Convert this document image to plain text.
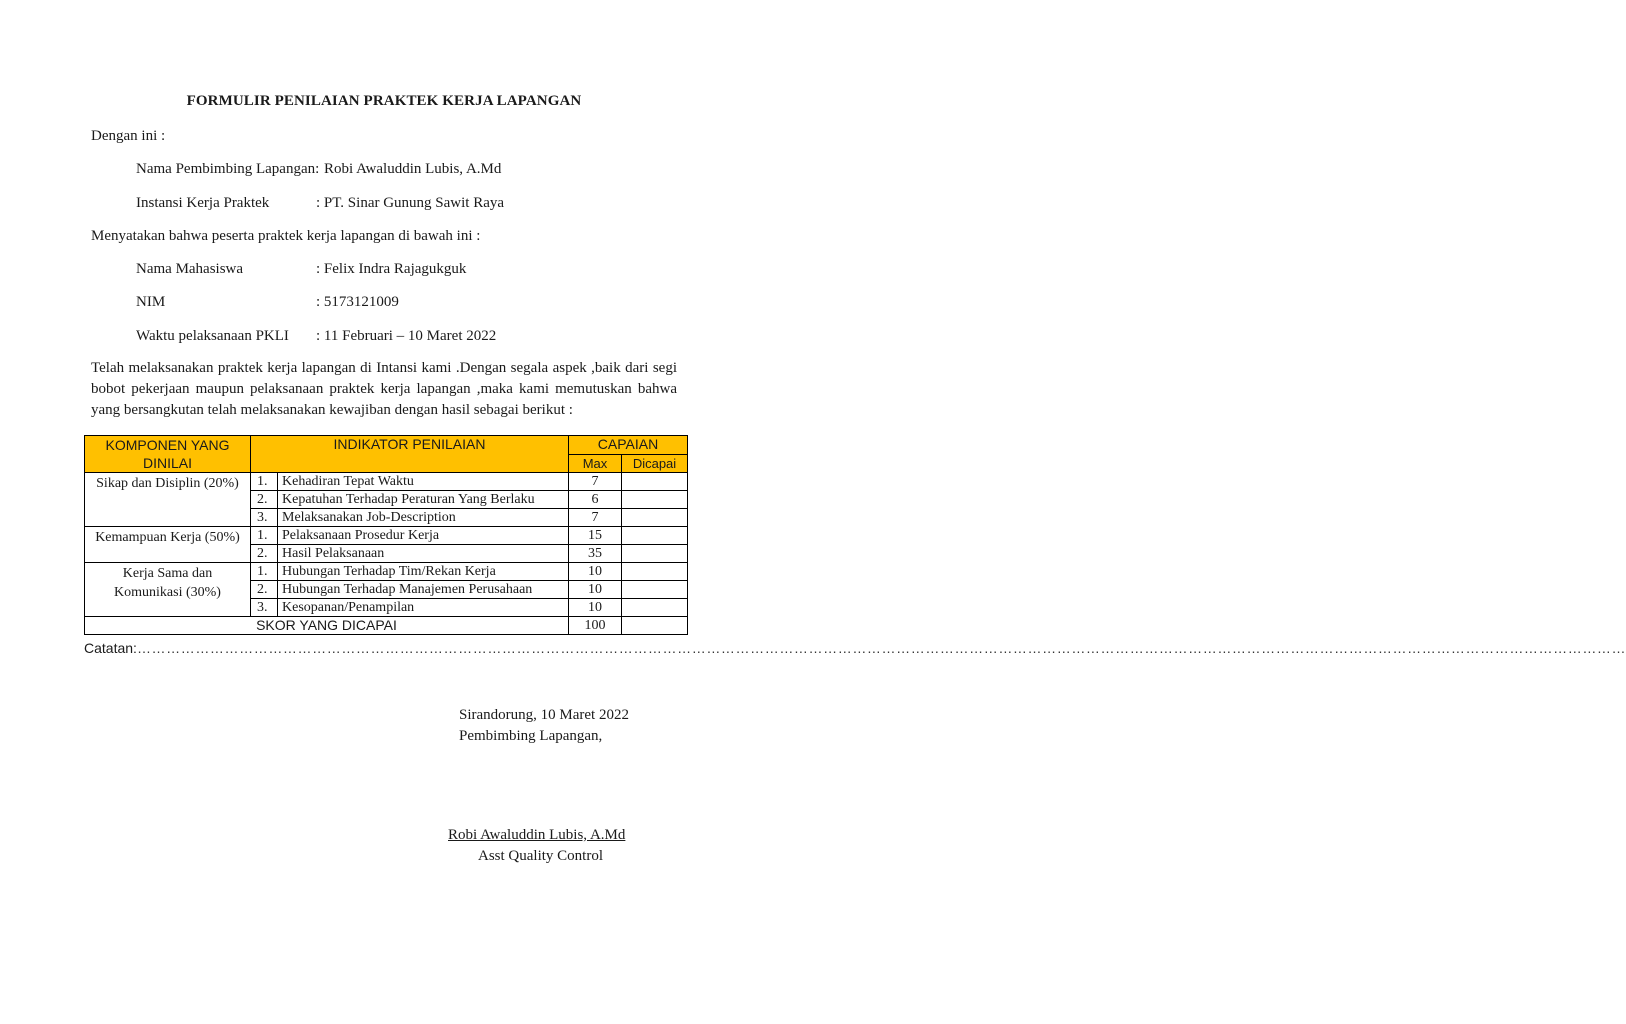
FORMULIR PENILAIAN PRAKTEK KERJA LAPANGAN
Dengan ini :
Nama Pembimbing Lapangan: Robi Awaluddin Lubis, A.Md
Instansi Kerja Praktek	: PT. Sinar Gunung Sawit Raya
Menyatakan bahwa peserta praktek kerja lapangan di bawah ini :
Nama Mahasiswa	: Felix Indra Rajagukguk
NIM	: 5173121009
Waktu pelaksanaan PKLI : 11 Februari – 10 Maret 2022

Telah melaksanakan praktek kerja lapangan di Intansi kami .Dengan segala aspek ,baik dari segi bobot pekerjaan maupun pelaksanaan praktek kerja lapangan ,maka kami memutuskan bahwa yang bersangkutan telah melaksanakan kewajiban dengan hasil sebagai berikut :

KOMPONEN YANG DINILAI	INDIKATOR PENILAIAN		CAPAIAN	
			Max	Dicapai
Sikap dan Disiplin (20%)	1.	Kehadiran Tepat Waktu	7	
	2.	Kepatuhan Terhadap Peraturan Yang Berlaku	6	
	3.	Melaksanakan Job-Description	7	
Kemampuan Kerja (50%)	1.	Pelaksanaan Prosedur Kerja	15	
	2.	Hasil Pelaksanaan	35	
Kerja Sama dan Komunikasi (30%)	1.	Hubungan Terhadap Tim/Rekan Kerja	10	
	2.	Hubungan Terhadap Manajemen Perusahaan	10	
	3.	Kesopanan/Penampilan	10	
SKOR YANG DICAPAI			100	
Catatan:………………………………………………………………………………………………………………………………………………………………………………………………………………………………………………………………………………
Sirandorung, 10 Maret 2022
Pembimbing Lapangan,
Robi Awaluddin Lubis, A.Md
Asst Quality Control
